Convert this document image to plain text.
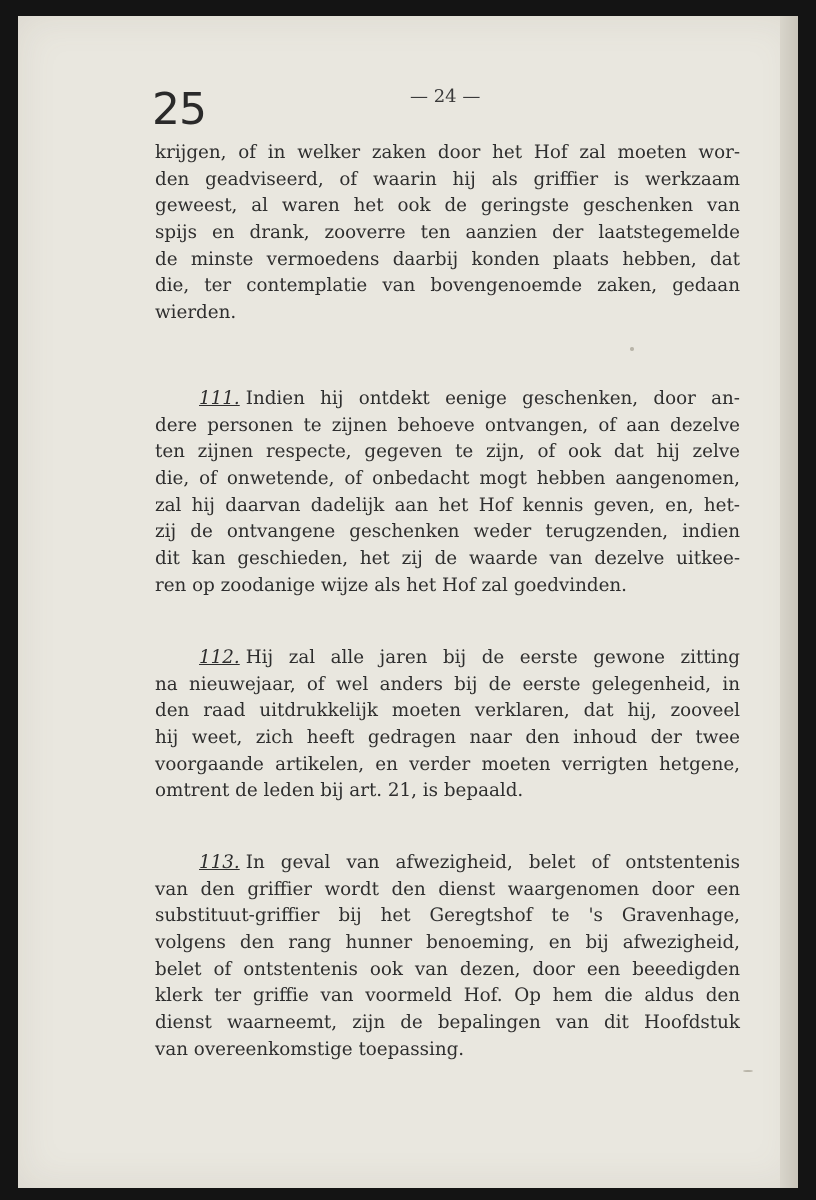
25	— 24 —
krijgen, of in welker zaken door het Hof zal moeten wor-
den geadviseerd, of waarin hij als griffier is werkzaam
geweest, al waren het ook de geringste geschenken van
spijs en drank, zooverre ten aanzien der laatstegemelde
de minste vermoedens daarbij konden plaats hebben, dat
die, ter contemplatie van bovengenoemde zaken, gedaan
wierden.
111. Indien hij ontdekt eenige geschenken, door an-
dere personen te zijnen behoeve ontvangen, of aan dezelve
ten zijnen respecte, gegeven te zijn, of ook dat hij zelve
die, of onwetende, of onbedacht mogt hebben aangenomen,
zal hij daarvan dadelijk aan het Hof kennis geven, en, het-
zij de ontvangene geschenken weder terugzenden, indien
dit kan geschieden, het zij de waarde van dezelve uitkee-
ren op zoodanige wijze als het Hof zal goedvinden.
112. Hij zal alle jaren bij de eerste gewone zitting
na nieuwejaar, of wel anders bij de eerste gelegenheid, in
den raad uitdrukkelijk moeten verklaren, dat hij, zooveel
hij weet, zich heeft gedragen naar den inhoud der twee
voorgaande artikelen, en verder moeten verrigten hetgene,
omtrent de leden bij art. 21, is bepaald.
113. In geval van afwezigheid, belet of ontstentenis
van den griffier wordt den dienst waargenomen door een
substituut-griffier bij het Geregtshof te 's Gravenhage,
volgens den rang hunner benoeming, en bij afwezigheid,
belet of ontstentenis ook van dezen, door een beeedigden
klerk ter griffie van voormeld Hof. Op hem die aldus den
dienst waarneemt, zijn de bepalingen van dit Hoofdstuk
van overeenkomstige toepassing.
